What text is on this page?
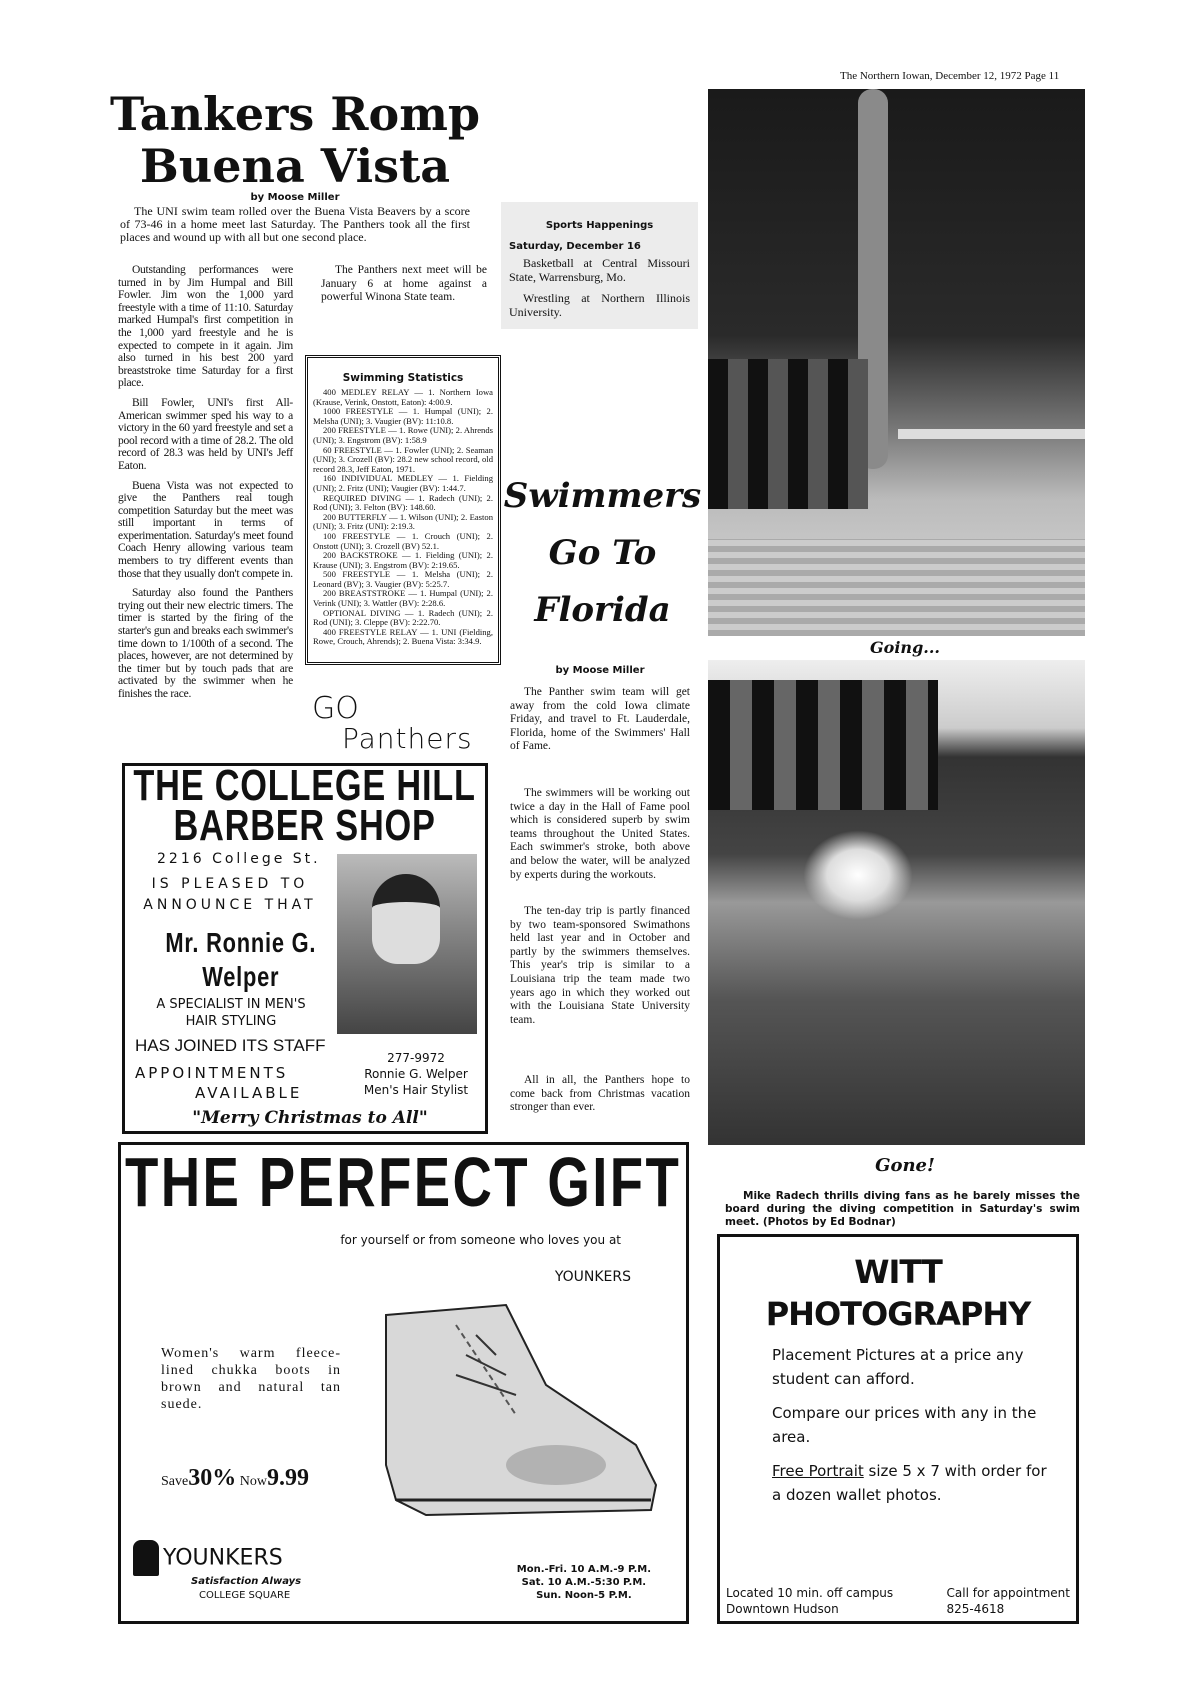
The Northern Iowan, December 12, 1972 Page 11
Tankers Romp
Buena Vista
by Moose Miller
The UNI swim team rolled over the Buena Vista Beavers by a score of 73-46 in a home meet last Saturday. The Panthers took all the first places and wound up with all but one second place.

Outstanding performances were turned in by Jim Humpal and Bill Fowler. Jim won the 1,000 yard freestyle with a time of 11:10. Saturday marked Humpal's first competition in the 1,000 yard freestyle and he is expected to compete in it again. Jim also turned in his best 200 yard breaststroke time Saturday for a first place.

Bill Fowler, UNI's first All-American swimmer sped his way to a victory in the 60 yard freestyle and set a pool record with a time of 28.2. The old record of 28.3 was held by UNI's Jeff Eaton.

Buena Vista was not expected to give the Panthers real tough competition Saturday but the meet was still important in terms of experimentation. Saturday's meet found Coach Henry allowing various team members to try different events than those that they usually don't compete in.

Saturday also found the Panthers trying out their new electric timers. The timer is started by the firing of the starter's gun and breaks each swimmer's time down to 1/100th of a second. The places, however, are not determined by the timer but by touch pads that are activated by the swimmer when he finishes the race.

The Panthers next meet will be January 6 at home against a powerful Winona State team.
Swimming Statistics

400 MEDLEY RELAY — 1. Northern Iowa (Krause, Verink, Onstott, Eaton): 4:00.9.

1000 FREESTYLE — 1. Humpal (UNI); 2. Melsha (UNI); 3. Vaugier (BV): 11:10.8.

200 FREESTYLE — 1. Rowe (UNI); 2. Ahrends (UNI); 3. Engstrom (BV): 1:58.9

60 FREESTYLE — 1. Fowler (UNI); 2. Seaman (UNI); 3. Crozell (BV): 28.2 new school record, old record 28.3, Jeff Eaton, 1971.

160 INDIVIDUAL MEDLEY — 1. Fielding (UNI); 2. Fritz (UNI); Vaugier (BV): 1:44.7.

REQUIRED DIVING — 1. Radech (UNI); 2. Rod (UNI); 3. Felton (BV): 148.60.

200 BUTTERFLY — 1. Wilson (UNI); 2. Easton (UNI); 3. Fritz (UNI): 2:19.3.

100 FREESTYLE — 1. Crouch (UNI); 2. Onstott (UNI); 3. Crozell (BV) 52.1.

200 BACKSTROKE — 1. Fielding (UNI); 2. Krause (UNI); 3. Engstrom (BV): 2:19.65.

500 FREESTYLE — 1. Melsha (UNI); 2. Leonard (BV); 3. Vaugier (BV): 5:25.7.

200 BREASTSTROKE — 1. Humpal (UNI); 2. Verink (UNI); 3. Wattler (BV): 2:28.6.

OPTIONAL DIVING — 1. Radech (UNI); 2. Rod (UNI); 3. Cleppe (BV): 2:22.70.

400 FREESTYLE RELAY — 1. UNI (Fielding, Rowe, Crouch, Ahrends); 2. Buena Vista: 3:34.9.

GO
Panthers
Sports Happenings
Saturday, December 16
Basketball at Central Missouri State, Warrensburg, Mo.
Wrestling at Northern Illinois University.
Swimmers
Go To
Florida
by Moose Miller
The Panther swim team will get away from the cold Iowa climate Friday, and travel to Ft. Lauderdale, Florida, home of the Swimmers' Hall of Fame.
The swimmers will be working out twice a day in the Hall of Fame pool which is considered superb by swim teams throughout the United States. Each swimmer's stroke, both above and below the water, will be analyzed by experts during the workouts.
The ten-day trip is partly financed by two team-sponsored Swimathons held last year and in October and partly by the swimmers themselves. This year's trip is similar to a Louisiana trip the team made two years ago in which they worked out with the Louisiana State University team.
All in all, the Panthers hope to come back from Christmas vacation stronger than ever.
Going...
Gone!
Mike Radech thrills diving fans as he barely misses the board during the diving competition in Saturday's swim meet. (Photos by Ed Bodnar)
THE COLLEGE HILL
BARBER SHOP
2216 College St.
IS PLEASED TO
ANNOUNCE THAT
Mr. Ronnie G.
Welper
A SPECIALIST IN MEN'S
HAIR STYLING
HAS JOINED ITS STAFF
APPOINTMENTS
AVAILABLE
277-9972
Ronnie G. Welper
Men's Hair Stylist
"Merry Christmas to All"
THE PERFECT GIFT
for yourself or from someone who loves you at
YOUNKERS
Women's warm fleece-lined chukka boots in brown and natural tan suede.
Save30% Now9.99
YOUNKERS
Satisfaction Always
COLLEGE SQUARE
Mon.-Fri. 10 A.M.-9 P.M.
Sat. 10 A.M.-5:30 P.M.
Sun. Noon-5 P.M.
WITT
PHOTOGRAPHY
Placement Pictures at a price any student can afford.
Compare our prices with any in the area.
Free Portrait size 5 x 7 with order for a dozen wallet photos.
Located 10 min. off campus
Downtown Hudson
Call for appointment
825-4618
